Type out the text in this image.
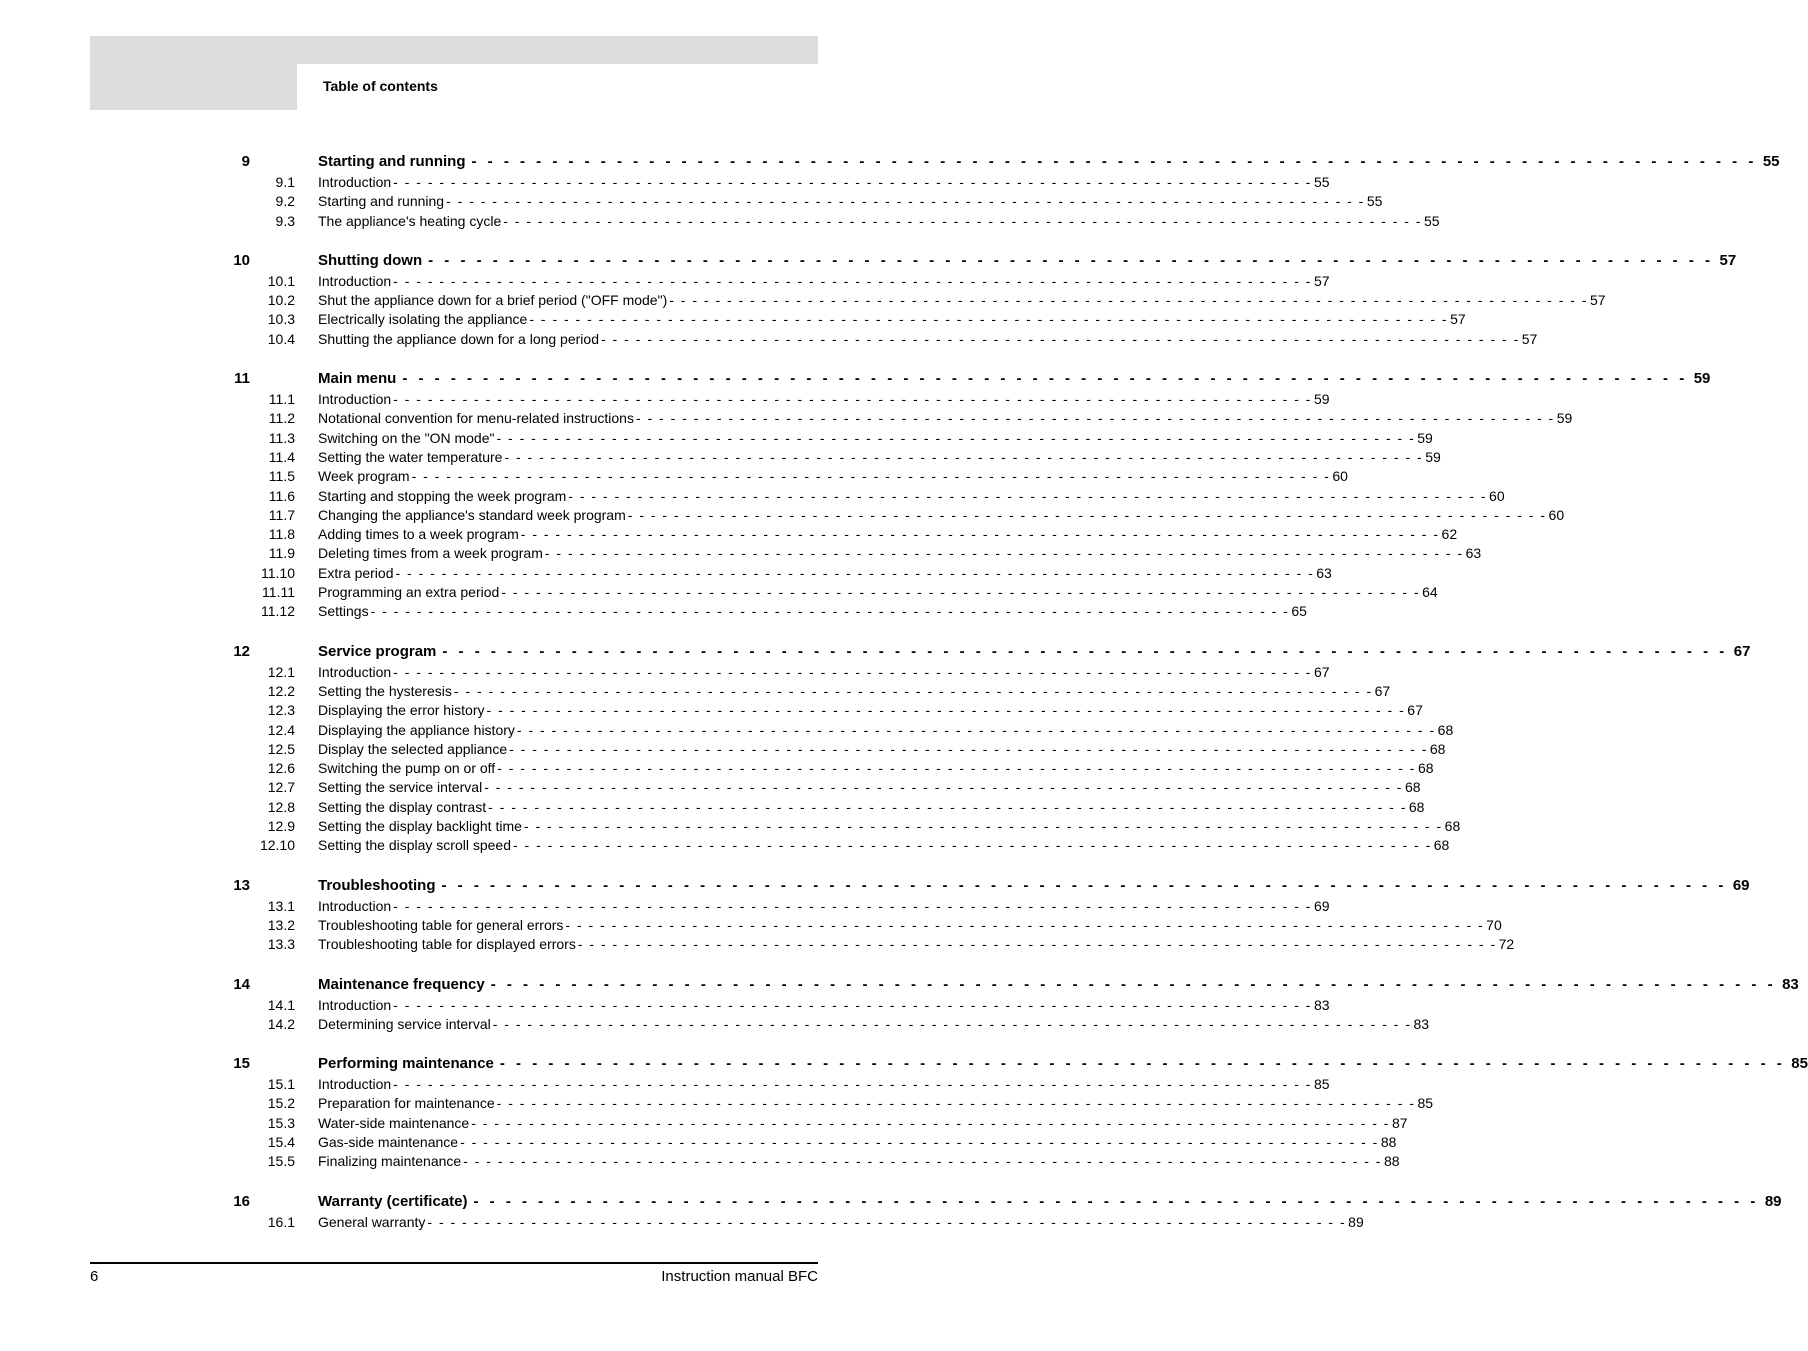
Table of contents
9	Starting and running - - - - - - - - - - - - - - - - - - - - - - - - - - - - - - - - - - - - - - - - - - - - - - - - - - - - - - - - - - - - - - - - - - - - - - - - - - - - - - - - 55
9.1 Introduction - - - - - - - - - - - - - - - - - - - - - - - - - - - - - - - - - - - - - - - - - - - - - - - - - - - - - - - - - - - - - - - - - - - - - - - - - - - - - - - - 55
9.2 Starting and running - - - - - - - - - - - - - - - - - - - - - - - - - - - - - - - - - - - - - - - - - - - - - - - - - - - - - - - - - - - - - - - - - - - - - - - - - - - - - - - - 55
9.3 The appliance's heating cycle - - - - - - - - - - - - - - - - - - - - - - - - - - - - - - - - - - - - - - - - - - - - - - - - - - - - - - - - - - - - - - - - - - - - - - - - - - - - - - - - 55
10	Shutting down - - - - - - - - - - - - - - - - - - - - - - - - - - - - - - - - - - - - - - - - - - - - - - - - - - - - - - - - - - - - - - - - - - - - - - - - - - - - - - - - 57
10.1 Introduction - - - - - - - - - - - - - - - - - - - - - - - - - - - - - - - - - - - - - - - - - - - - - - - - - - - - - - - - - - - - - - - - - - - - - - - - - - - - - - - - 57
10.2 Shut the appliance down for a brief period ("OFF mode") - - - - - - - - - - - - - - - - - - - - - - - - - - - - - - - - - - - - - - - - - - - - - - - - - - - - - - - - - - - - - - - - - - - - - - - - - - - - - - - - 57
10.3 Electrically isolating the appliance - - - - - - - - - - - - - - - - - - - - - - - - - - - - - - - - - - - - - - - - - - - - - - - - - - - - - - - - - - - - - - - - - - - - - - - - - - - - - - - - 57
10.4 Shutting the appliance down for a long period - - - - - - - - - - - - - - - - - - - - - - - - - - - - - - - - - - - - - - - - - - - - - - - - - - - - - - - - - - - - - - - - - - - - - - - - - - - - - - - - 57
11	Main menu - - - - - - - - - - - - - - - - - - - - - - - - - - - - - - - - - - - - - - - - - - - - - - - - - - - - - - - - - - - - - - - - - - - - - - - - - - - - - - - - 59
11.1 Introduction - - - - - - - - - - - - - - - - - - - - - - - - - - - - - - - - - - - - - - - - - - - - - - - - - - - - - - - - - - - - - - - - - - - - - - - - - - - - - - - - 59
11.2 Notational convention for menu-related instructions - - - - - - - - - - - - - - - - - - - - - - - - - - - - - - - - - - - - - - - - - - - - - - - - - - - - - - - - - - - - - - - - - - - - - - - - - - - - - - - - 59
11.3 Switching on the "ON mode" - - - - - - - - - - - - - - - - - - - - - - - - - - - - - - - - - - - - - - - - - - - - - - - - - - - - - - - - - - - - - - - - - - - - - - - - - - - - - - - - 59
11.4 Setting the water temperature - - - - - - - - - - - - - - - - - - - - - - - - - - - - - - - - - - - - - - - - - - - - - - - - - - - - - - - - - - - - - - - - - - - - - - - - - - - - - - - - 59
11.5 Week program - - - - - - - - - - - - - - - - - - - - - - - - - - - - - - - - - - - - - - - - - - - - - - - - - - - - - - - - - - - - - - - - - - - - - - - - - - - - - - - - 60
11.6 Starting and stopping the week program - - - - - - - - - - - - - - - - - - - - - - - - - - - - - - - - - - - - - - - - - - - - - - - - - - - - - - - - - - - - - - - - - - - - - - - - - - - - - - - - 60
11.7 Changing the appliance's standard week program - - - - - - - - - - - - - - - - - - - - - - - - - - - - - - - - - - - - - - - - - - - - - - - - - - - - - - - - - - - - - - - - - - - - - - - - - - - - - - - - 60
11.8 Adding times to a week program - - - - - - - - - - - - - - - - - - - - - - - - - - - - - - - - - - - - - - - - - - - - - - - - - - - - - - - - - - - - - - - - - - - - - - - - - - - - - - - - 62
11.9 Deleting times from a week program - - - - - - - - - - - - - - - - - - - - - - - - - - - - - - - - - - - - - - - - - - - - - - - - - - - - - - - - - - - - - - - - - - - - - - - - - - - - - - - - 63
11.10 Extra period - - - - - - - - - - - - - - - - - - - - - - - - - - - - - - - - - - - - - - - - - - - - - - - - - - - - - - - - - - - - - - - - - - - - - - - - - - - - - - - - 63
11.11 Programming an extra period - - - - - - - - - - - - - - - - - - - - - - - - - - - - - - - - - - - - - - - - - - - - - - - - - - - - - - - - - - - - - - - - - - - - - - - - - - - - - - - - 64
11.12 Settings - - - - - - - - - - - - - - - - - - - - - - - - - - - - - - - - - - - - - - - - - - - - - - - - - - - - - - - - - - - - - - - - - - - - - - - - - - - - - - - - 65
12	Service program - - - - - - - - - - - - - - - - - - - - - - - - - - - - - - - - - - - - - - - - - - - - - - - - - - - - - - - - - - - - - - - - - - - - - - - - - - - - - - - - 67
12.1 Introduction - - - - - - - - - - - - - - - - - - - - - - - - - - - - - - - - - - - - - - - - - - - - - - - - - - - - - - - - - - - - - - - - - - - - - - - - - - - - - - - - 67
12.2 Setting the hysteresis - - - - - - - - - - - - - - - - - - - - - - - - - - - - - - - - - - - - - - - - - - - - - - - - - - - - - - - - - - - - - - - - - - - - - - - - - - - - - - - - 67
12.3 Displaying the error history - - - - - - - - - - - - - - - - - - - - - - - - - - - - - - - - - - - - - - - - - - - - - - - - - - - - - - - - - - - - - - - - - - - - - - - - - - - - - - - - 67
12.4 Displaying the appliance history - - - - - - - - - - - - - - - - - - - - - - - - - - - - - - - - - - - - - - - - - - - - - - - - - - - - - - - - - - - - - - - - - - - - - - - - - - - - - - - - 68
12.5 Display the selected appliance - - - - - - - - - - - - - - - - - - - - - - - - - - - - - - - - - - - - - - - - - - - - - - - - - - - - - - - - - - - - - - - - - - - - - - - - - - - - - - - - 68
12.6 Switching the pump on or off - - - - - - - - - - - - - - - - - - - - - - - - - - - - - - - - - - - - - - - - - - - - - - - - - - - - - - - - - - - - - - - - - - - - - - - - - - - - - - - - 68
12.7 Setting the service interval - - - - - - - - - - - - - - - - - - - - - - - - - - - - - - - - - - - - - - - - - - - - - - - - - - - - - - - - - - - - - - - - - - - - - - - - - - - - - - - - 68
12.8 Setting the display contrast - - - - - - - - - - - - - - - - - - - - - - - - - - - - - - - - - - - - - - - - - - - - - - - - - - - - - - - - - - - - - - - - - - - - - - - - - - - - - - - - 68
12.9 Setting the display backlight time - - - - - - - - - - - - - - - - - - - - - - - - - - - - - - - - - - - - - - - - - - - - - - - - - - - - - - - - - - - - - - - - - - - - - - - - - - - - - - - - 68
12.10 Setting the display scroll speed - - - - - - - - - - - - - - - - - - - - - - - - - - - - - - - - - - - - - - - - - - - - - - - - - - - - - - - - - - - - - - - - - - - - - - - - - - - - - - - - 68
13	Troubleshooting - - - - - - - - - - - - - - - - - - - - - - - - - - - - - - - - - - - - - - - - - - - - - - - - - - - - - - - - - - - - - - - - - - - - - - - - - - - - - - - - 69
13.1 Introduction - - - - - - - - - - - - - - - - - - - - - - - - - - - - - - - - - - - - - - - - - - - - - - - - - - - - - - - - - - - - - - - - - - - - - - - - - - - - - - - - 69
13.2 Troubleshooting table for general errors - - - - - - - - - - - - - - - - - - - - - - - - - - - - - - - - - - - - - - - - - - - - - - - - - - - - - - - - - - - - - - - - - - - - - - - - - - - - - - - - 70
13.3 Troubleshooting table for displayed errors - - - - - - - - - - - - - - - - - - - - - - - - - - - - - - - - - - - - - - - - - - - - - - - - - - - - - - - - - - - - - - - - - - - - - - - - - - - - - - - - 72
14	Maintenance frequency - - - - - - - - - - - - - - - - - - - - - - - - - - - - - - - - - - - - - - - - - - - - - - - - - - - - - - - - - - - - - - - - - - - - - - - - - - - - - - - - 83
14.1 Introduction - - - - - - - - - - - - - - - - - - - - - - - - - - - - - - - - - - - - - - - - - - - - - - - - - - - - - - - - - - - - - - - - - - - - - - - - - - - - - - - - 83
14.2 Determining service interval - - - - - - - - - - - - - - - - - - - - - - - - - - - - - - - - - - - - - - - - - - - - - - - - - - - - - - - - - - - - - - - - - - - - - - - - - - - - - - - - 83
15	Performing maintenance - - - - - - - - - - - - - - - - - - - - - - - - - - - - - - - - - - - - - - - - - - - - - - - - - - - - - - - - - - - - - - - - - - - - - - - - - - - - - - - - 85
15.1 Introduction - - - - - - - - - - - - - - - - - - - - - - - - - - - - - - - - - - - - - - - - - - - - - - - - - - - - - - - - - - - - - - - - - - - - - - - - - - - - - - - - 85
15.2 Preparation for maintenance - - - - - - - - - - - - - - - - - - - - - - - - - - - - - - - - - - - - - - - - - - - - - - - - - - - - - - - - - - - - - - - - - - - - - - - - - - - - - - - - 85
15.3 Water-side maintenance - - - - - - - - - - - - - - - - - - - - - - - - - - - - - - - - - - - - - - - - - - - - - - - - - - - - - - - - - - - - - - - - - - - - - - - - - - - - - - - - 87
15.4 Gas-side maintenance - - - - - - - - - - - - - - - - - - - - - - - - - - - - - - - - - - - - - - - - - - - - - - - - - - - - - - - - - - - - - - - - - - - - - - - - - - - - - - - - 88
15.5 Finalizing maintenance - - - - - - - - - - - - - - - - - - - - - - - - - - - - - - - - - - - - - - - - - - - - - - - - - - - - - - - - - - - - - - - - - - - - - - - - - - - - - - - - 88
16	Warranty (certificate) - - - - - - - - - - - - - - - - - - - - - - - - - - - - - - - - - - - - - - - - - - - - - - - - - - - - - - - - - - - - - - - - - - - - - - - - - - - - - - - - 89
16.1 General warranty - - - - - - - - - - - - - - - - - - - - - - - - - - - - - - - - - - - - - - - - - - - - - - - - - - - - - - - - - - - - - - - - - - - - - - - - - - - - - - - - 89
6	Instruction manual BFC
